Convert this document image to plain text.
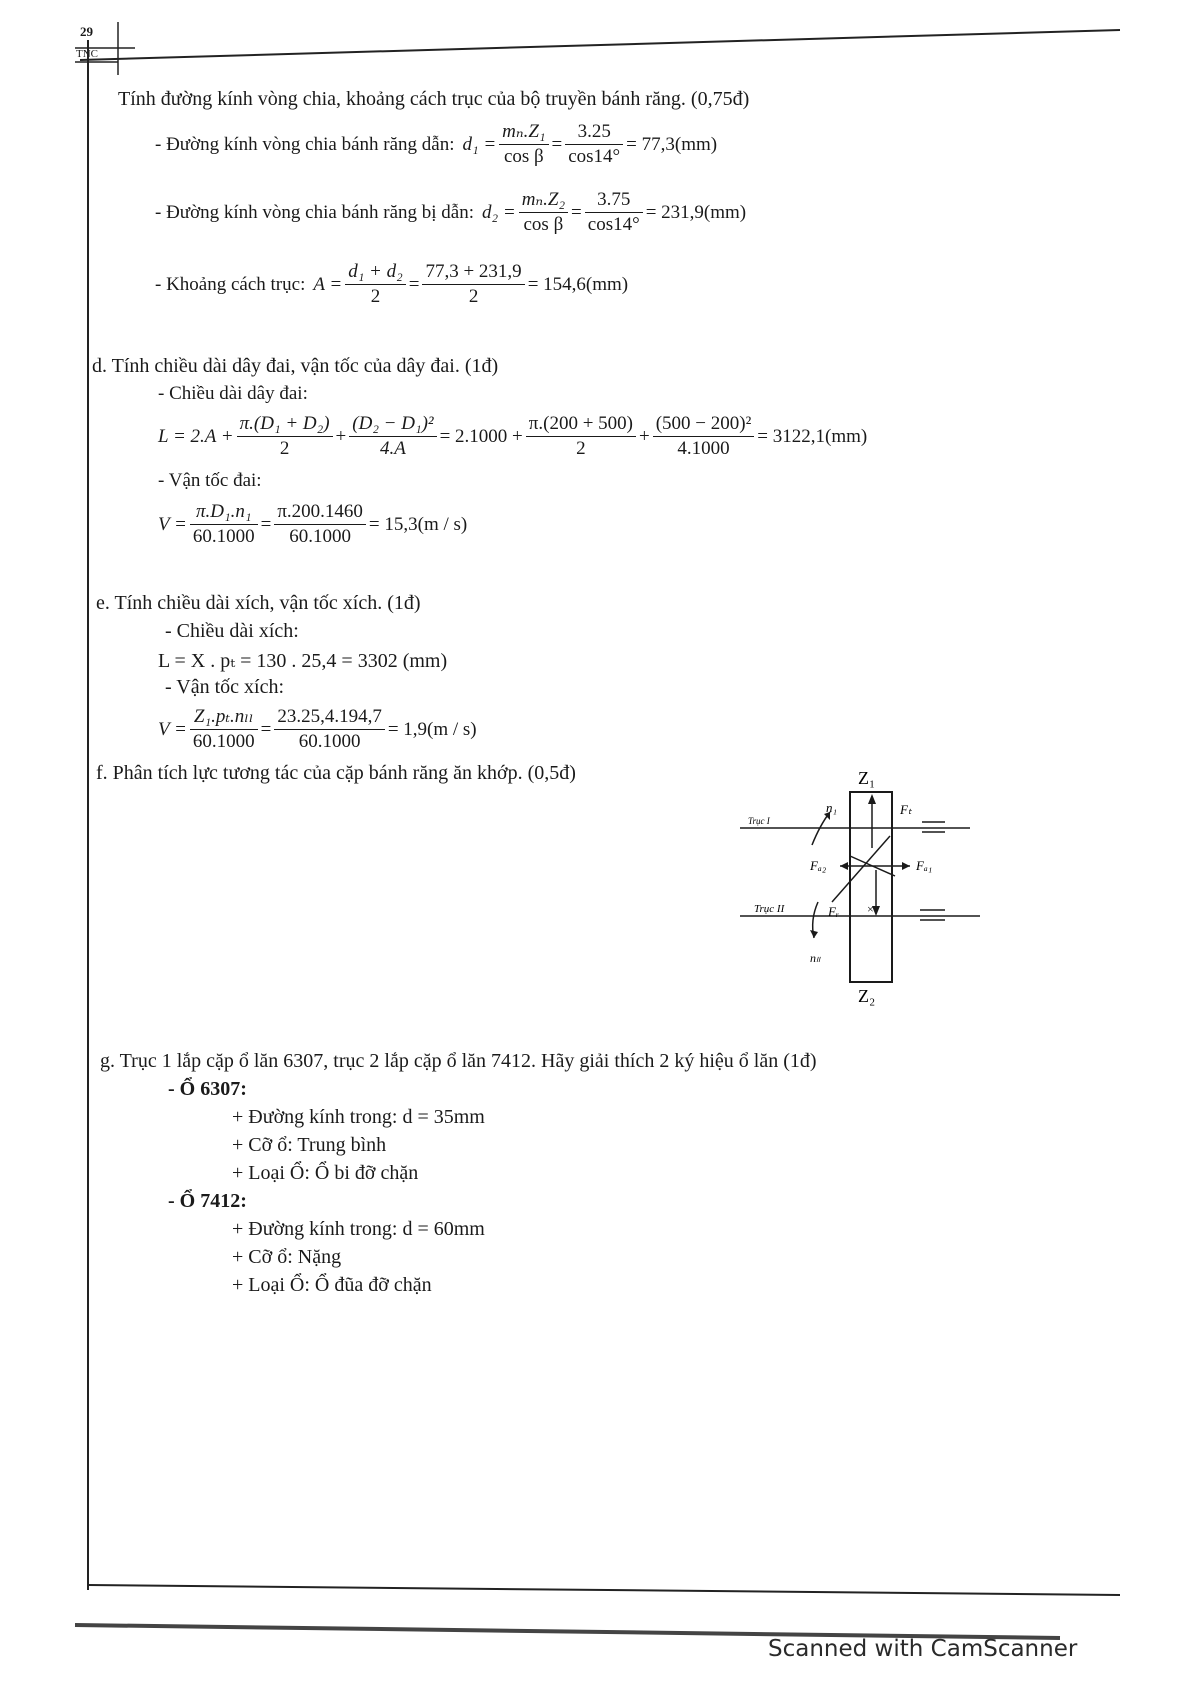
29
TNC
Tính đường kính vòng chia, khoảng cách trục của bộ truyền bánh răng. (0,75đ)
- Đường kính vòng chia bánh răng dẫn: $d_1 = \frac{\text{mₙ.Z₁}}{\text{cos β}} = \frac{3.25}{\cos 14^\circ} = 77,3(mm)$
- Đường kính vòng chia bánh răng bị dẫn: $d_2 = \frac{\text{mₙ.Z₂}}{\text{cos β}} = \frac{3.75}{\cos 14^\circ} = 231,9(mm)$
- Khoảng cách trục: $A = \frac{\text{d₁ + d₂}}{2} = \frac{77,3 + 231,9}{2} = 154,6(mm)$
d. Tính chiều dài dây đai, vận tốc của dây đai. (1đ)
- Chiều dài dây đai:
$L = 2.A + \frac{\text{π.(D₁ + D₂)}}{2} + \frac{\text{(D₂ − D₁)²}}{4.A} = 2.1000 + \frac{\pi.(200 + 500)}{2} + \frac{\text{(500 − 200)²}}{4.1000} = 3122,1(mm)$
- Vận tốc đai:
$V = \frac{\text{π.D₁.n₁}}{60.1000} = \frac{\pi.200.1460}{60.1000} = 15,3(m / s)$
e. Tính chiều dài xích, vận tốc xích. (1đ)
- Chiều dài xích:
L = X . pₜ = 130 . 25,4 = 3302 (mm)
- Vận tốc xích:
$V = \frac{\text{Z₁.pₜ.nₗₗ}}{60.1000} = \frac{23.25,4.194,7}{60.1000} = 1,9(m / s)$
f. Phân tích lực tương tác của cặp bánh răng ăn khớp. (0,5đ)
×
Z₁
Z₂
Trục I
Trục II
n₁
nₗₗ
Fₜ
Fₐ₂
Fᵣ
Fₐ₁
g. Trục 1 lắp cặp ổ lăn 6307, trục 2 lắp cặp ổ lăn 7412. Hãy giải thích 2 ký hiệu ổ lăn (1đ)
- Ổ 6307:
+ Đường kính trong: d = 35mm
+ Cỡ ổ: Trung bình
+ Loại Ổ: Ổ bi đỡ chặn
- Ổ 7412:
+ Đường kính trong: d = 60mm
+ Cỡ ổ: Nặng
+ Loại Ổ: Ổ đũa đỡ chặn
Scanned with CamScanner
